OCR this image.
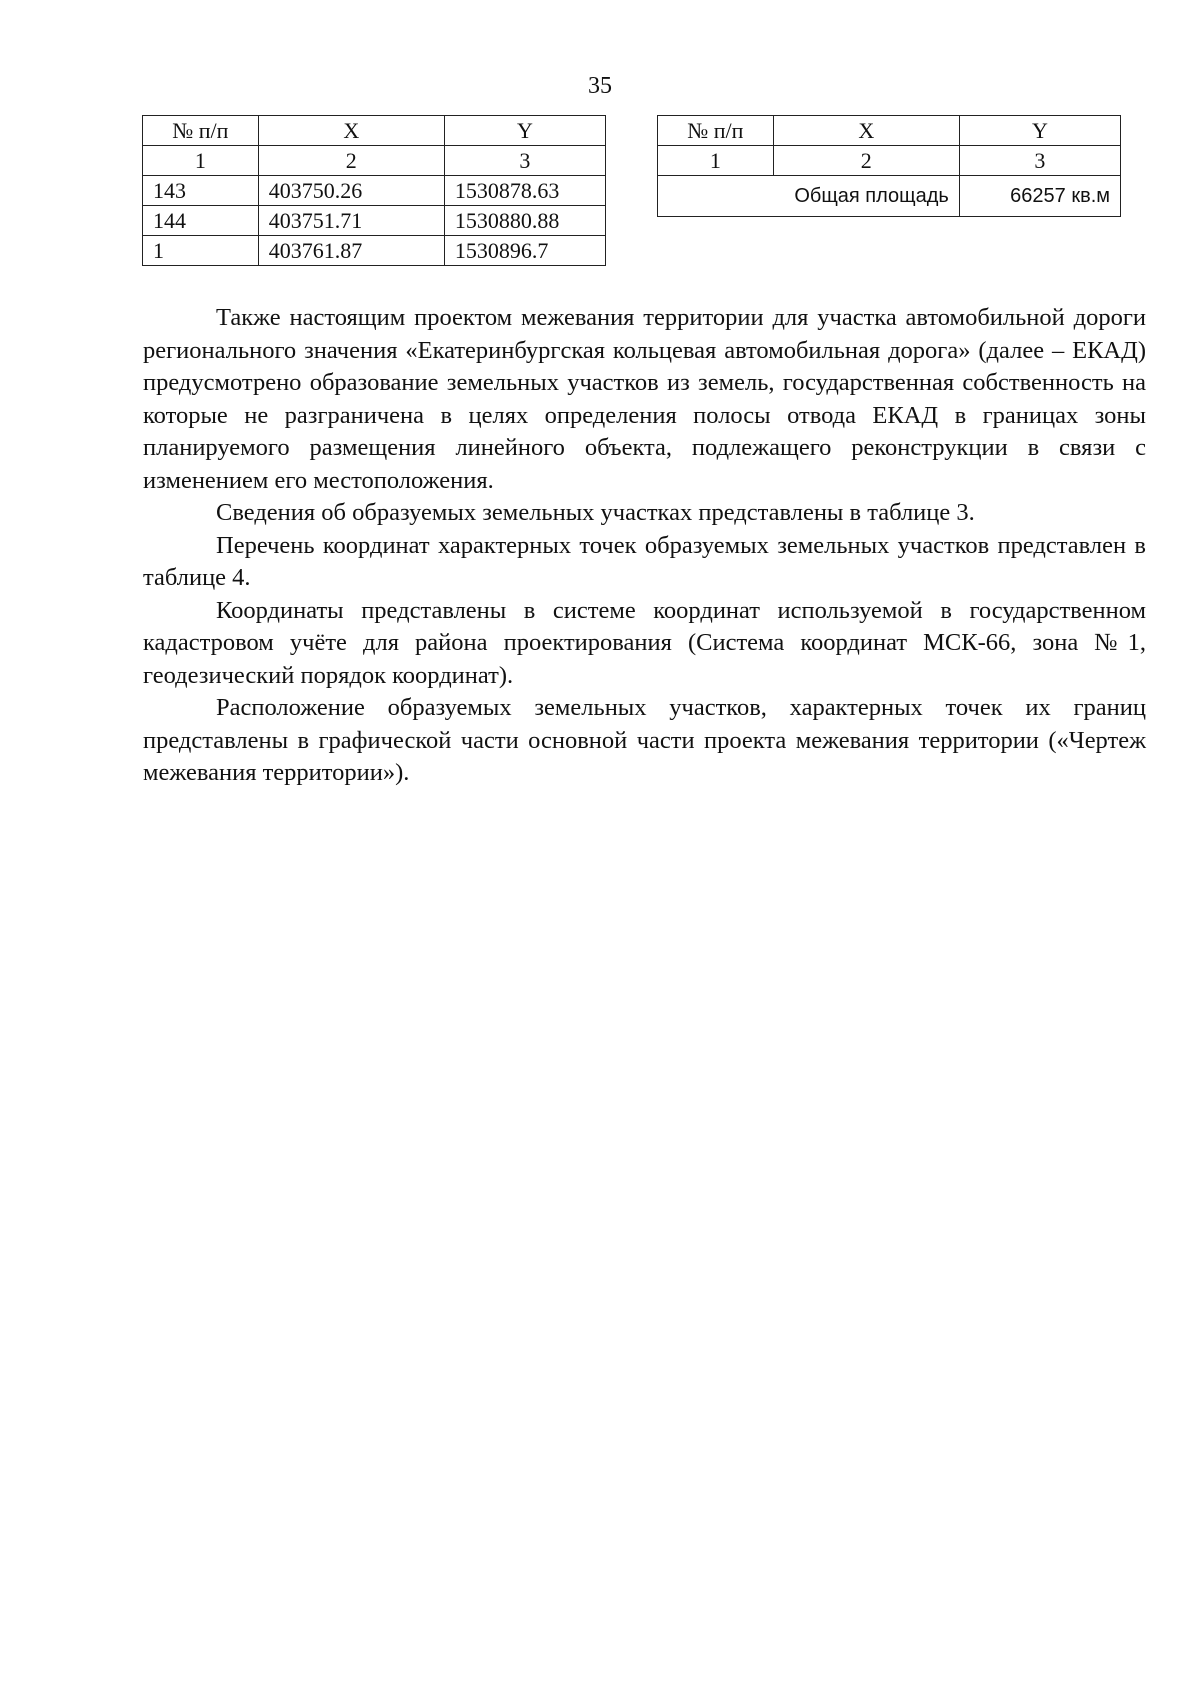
35
№ п/п	X	Y
1	2	3
143	403750.26	1530878.63
144	403751.71	1530880.88
1	403761.87	1530896.7
№ п/п	X	Y
1	2	3
Общая площадь		66257 кв.м

Также настоящим проектом межевания территории для участка автомобильной дороги регионального значения «Екатеринбургская кольцевая автомобильная дорога» (далее – ЕКАД) предусмотрено образование земельных участков из земель, государственная собственность на которые не разграничена в целях определения полосы отвода ЕКАД в границах зоны планируемого размещения линейного объекта, подлежащего реконструкции в связи с изменением его местоположения.

Сведения об образуемых земельных участках представлены в таблице 3.

Перечень координат характерных точек образуемых земельных участков представлен в таблице 4.

Координаты представлены в системе координат используемой в государственном кадастровом учёте для района проектирования (Система координат МСК-66, зона №1, геодезический порядок координат).

Расположение образуемых земельных участков, характерных точек их границ представлены в графической части основной части проекта межевания территории («Чертеж межевания территории»).
